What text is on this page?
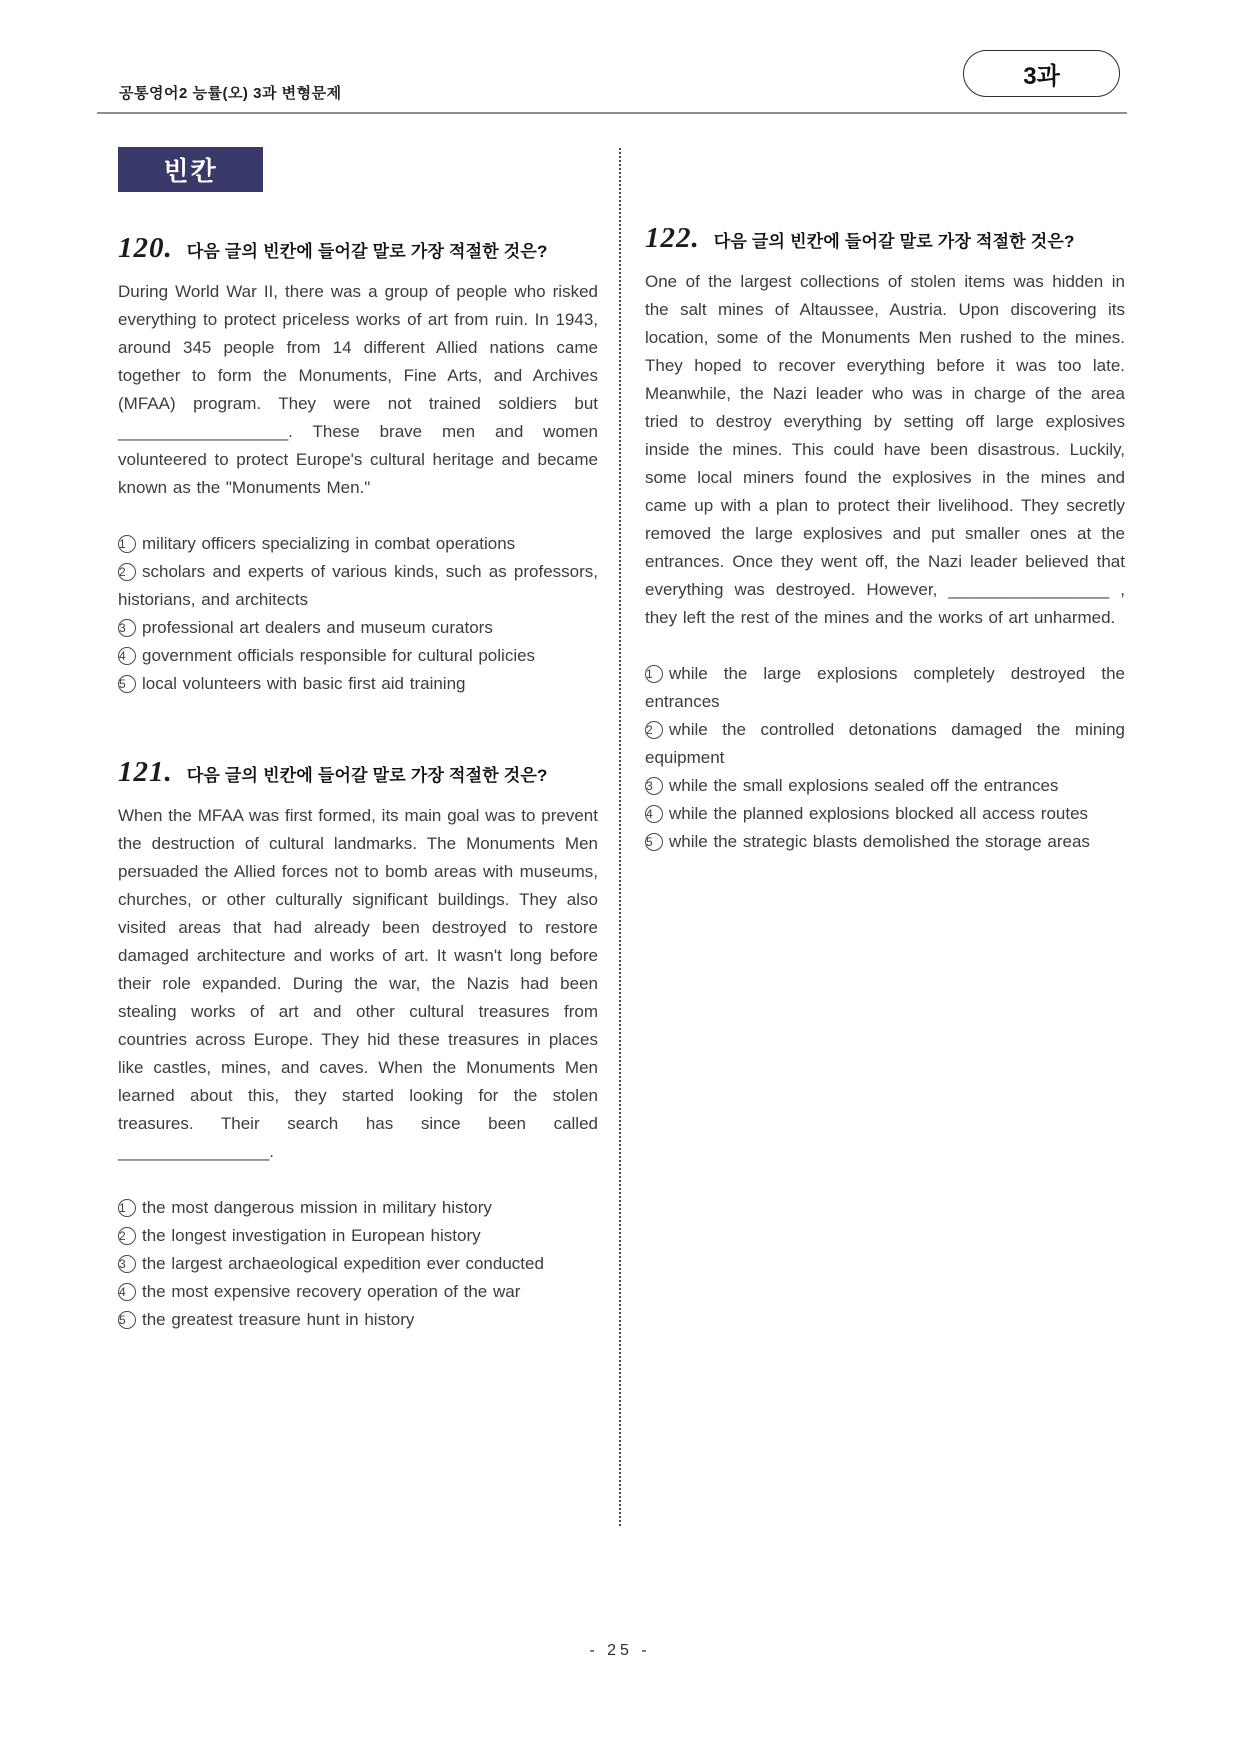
공통영어2 능률(오) 3과 변형문제
3과
빈칸
120. 다음 글의 빈칸에 들어갈 말로 가장 적절한 것은?

During World War II, there was a group of people who risked everything to protect priceless works of art from ruin. In 1943, around 345 people from 14 different Allied nations came together to form the Monuments, Fine Arts, and Archives (MFAA) program. They were not trained soldiers but __________________. These brave men and women volunteered to protect Europe's cultural heritage and became known as the "Monuments Men."

1 military officers specializing in combat operations
2 scholars and experts of various kinds, such as professors, historians, and architects
3 professional art dealers and museum curators
4 government officials responsible for cultural policies
5 local volunteers with basic first aid training
121. 다음 글의 빈칸에 들어갈 말로 가장 적절한 것은?

When the MFAA was first formed, its main goal was to prevent the destruction of cultural landmarks. The Monuments Men persuaded the Allied forces not to bomb areas with museums, churches, or other culturally significant buildings. They also visited areas that had already been destroyed to restore damaged architecture and works of art. It wasn't long before their role expanded. During the war, the Nazis had been stealing works of art and other cultural treasures from countries across Europe. They hid these treasures in places like castles, mines, and caves. When the Monuments Men learned about this, they started looking for the stolen treasures. Their search has since been called ________________.

1 the most dangerous mission in military history
2 the longest investigation in European history
3 the largest archaeological expedition ever conducted
4 the most expensive recovery operation of the war
5 the greatest treasure hunt in history
122. 다음 글의 빈칸에 들어갈 말로 가장 적절한 것은?

One of the largest collections of stolen items was hidden in the salt mines of Altaussee, Austria. Upon discovering its location, some of the Monuments Men rushed to the mines. They hoped to recover everything before it was too late. Meanwhile, the Nazi leader who was in charge of the area tried to destroy everything by setting off large explosives inside the mines. This could have been disastrous. Luckily, some local miners found the explosives in the mines and came up with a plan to protect their livelihood. They secretly removed the large explosives and put smaller ones at the entrances. Once they went off, the Nazi leader believed that everything was destroyed. However, _________________ , they left the rest of the mines and the works of art unharmed.

1 while the large explosions completely destroyed the entrances
2 while the controlled detonations damaged the mining equipment
3 while the small explosions sealed off the entrances
4 while the planned explosions blocked all access routes
5 while the strategic blasts demolished the storage areas
- 25 -
